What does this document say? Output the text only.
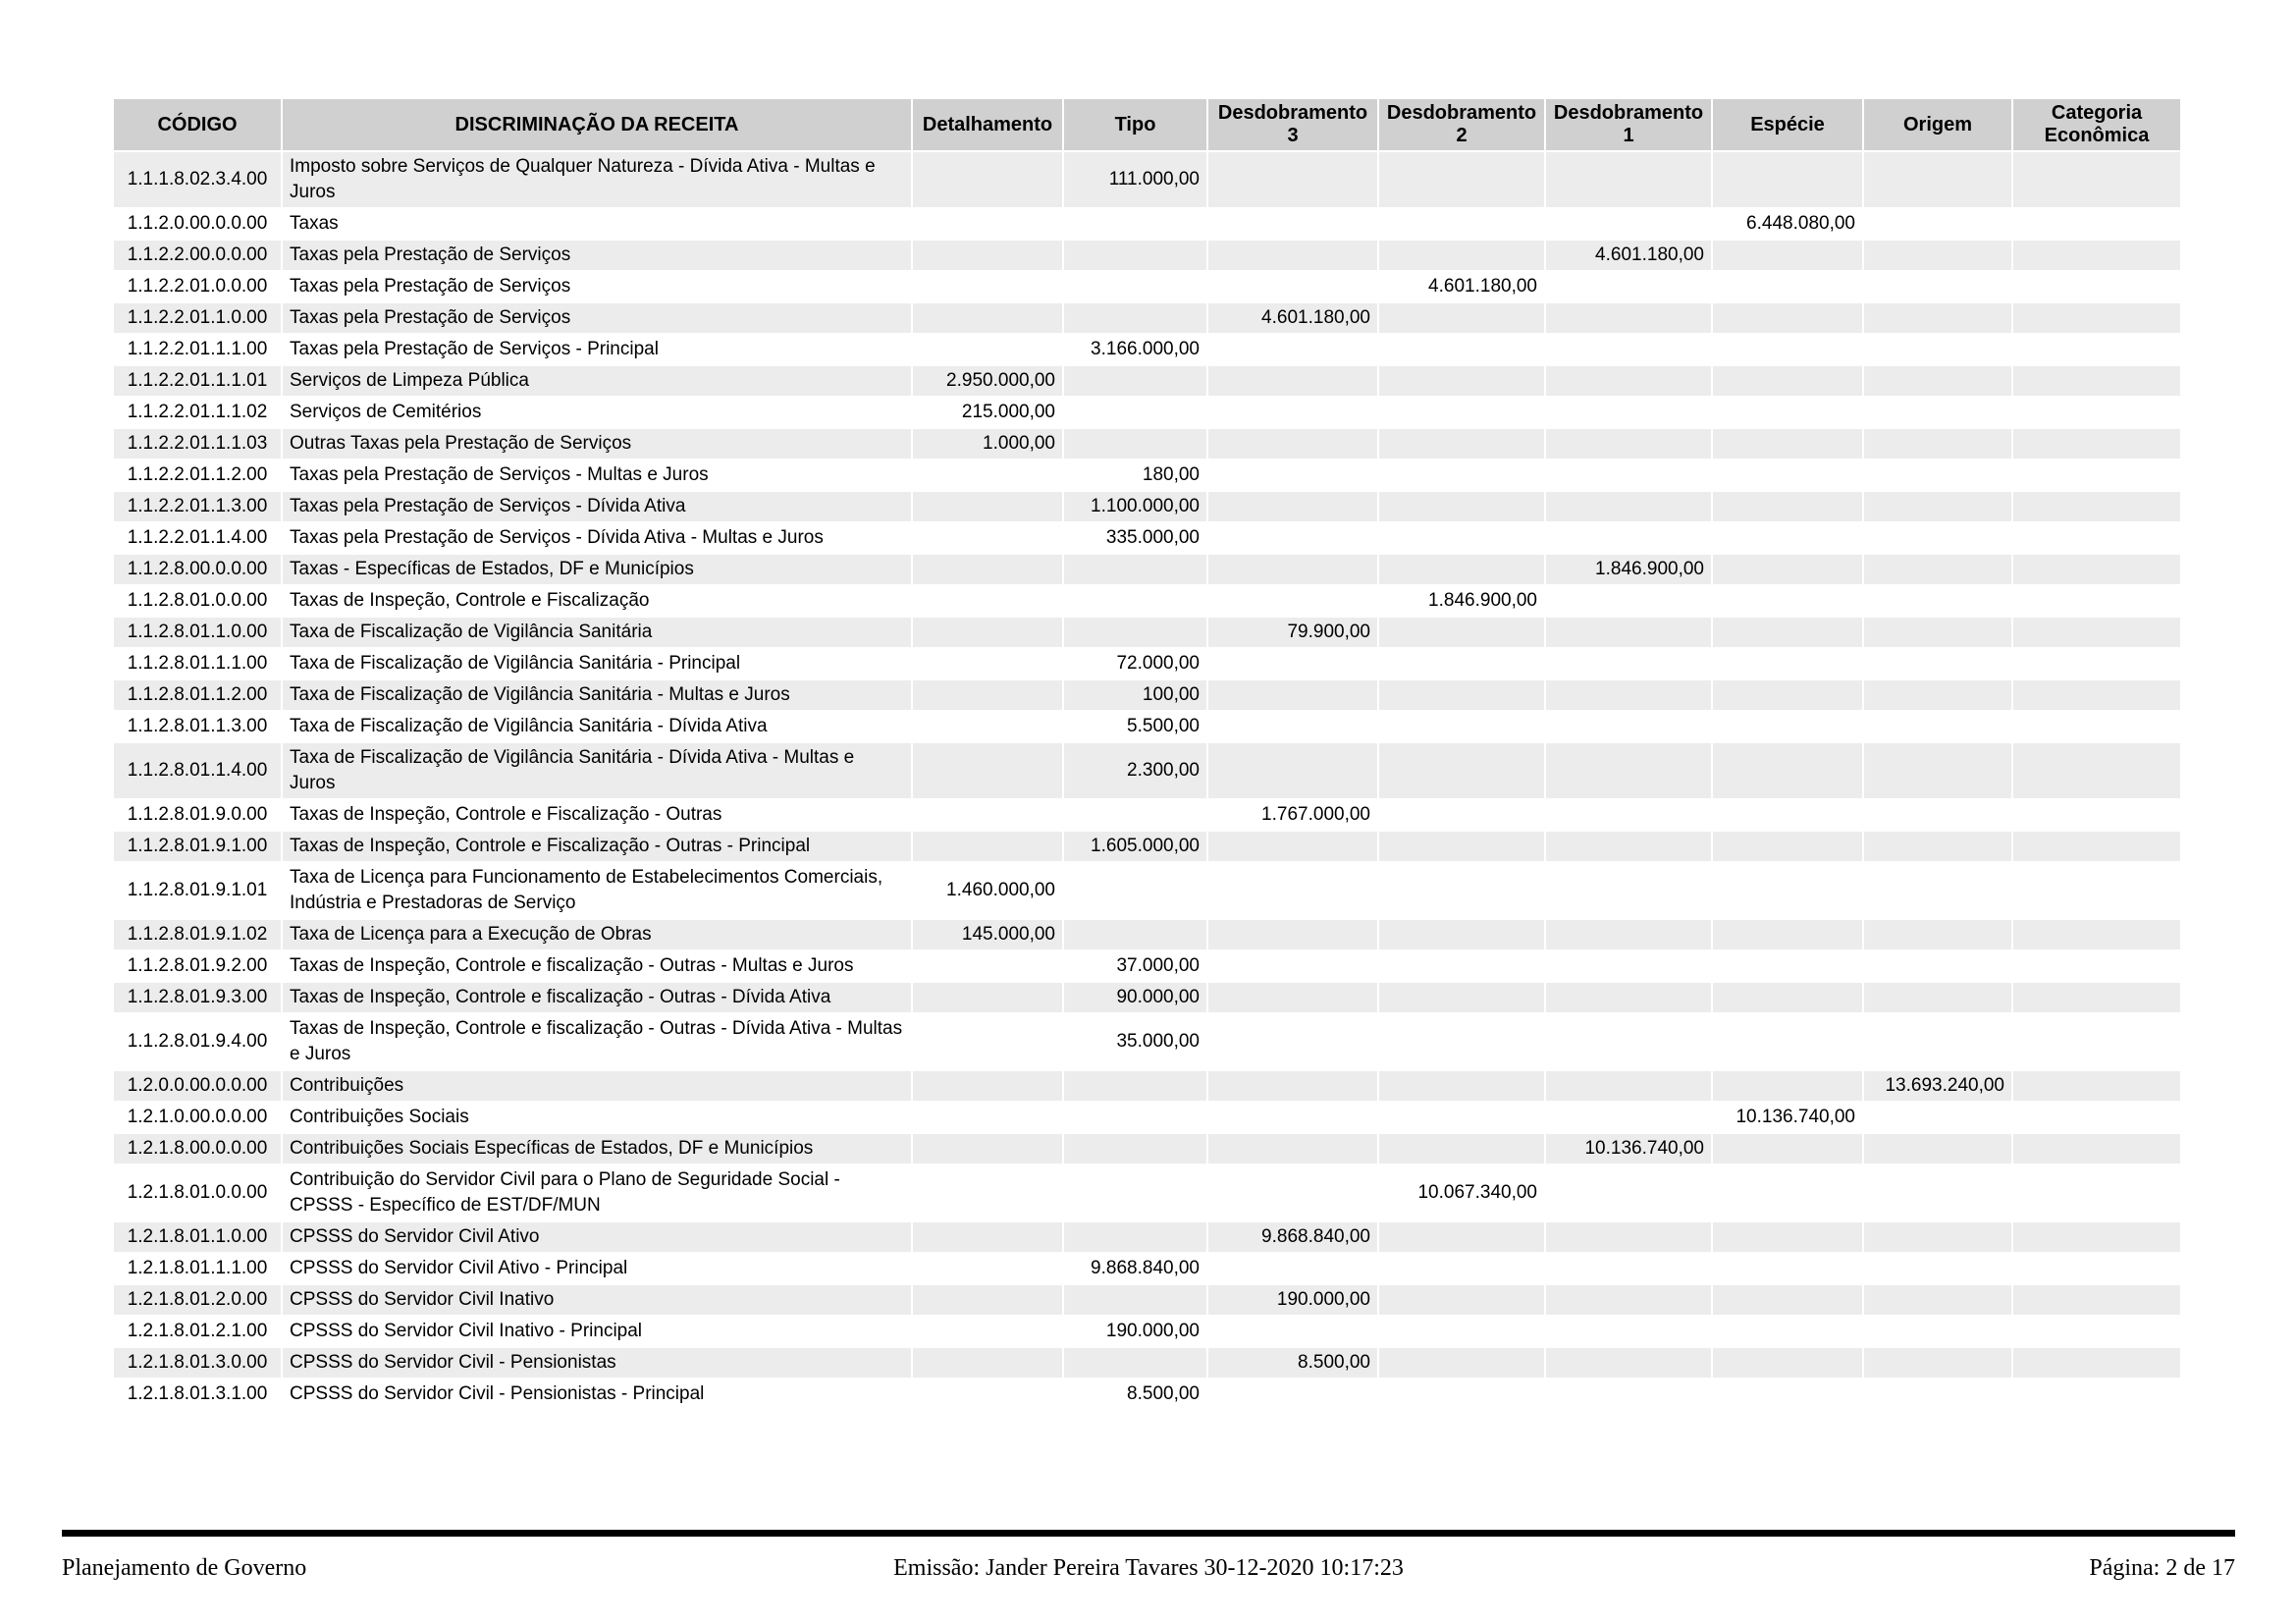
CÓDIGO	DISCRIMINAÇÃO DA RECEITA	Detalhamento	Tipo	Desdobramento 3	Desdobramento 2	Desdobramento 1	Espécie	Origem	Categoria Econômica
1.1.1.8.02.3.4.00	Imposto sobre Serviços de Qualquer Natureza - Dívida Ativa - Multas e Juros		111.000,00						
1.1.2.0.00.0.0.00	Taxas						6.448.080,00		
1.1.2.2.00.0.0.00	Taxas pela Prestação de Serviços					4.601.180,00			
1.1.2.2.01.0.0.00	Taxas pela Prestação de Serviços				4.601.180,00				
1.1.2.2.01.1.0.00	Taxas pela Prestação de Serviços			4.601.180,00					
1.1.2.2.01.1.1.00	Taxas pela Prestação de Serviços - Principal		3.166.000,00						
1.1.2.2.01.1.1.01	Serviços de Limpeza Pública	2.950.000,00							
1.1.2.2.01.1.1.02	Serviços de Cemitérios	215.000,00							
1.1.2.2.01.1.1.03	Outras Taxas pela Prestação de Serviços	1.000,00							
1.1.2.2.01.1.2.00	Taxas pela Prestação de Serviços - Multas e Juros		180,00						
1.1.2.2.01.1.3.00	Taxas pela Prestação de Serviços - Dívida Ativa		1.100.000,00						
1.1.2.2.01.1.4.00	Taxas pela Prestação de Serviços - Dívida Ativa - Multas e Juros		335.000,00						
1.1.2.8.00.0.0.00	Taxas - Específicas de Estados, DF e Municípios					1.846.900,00			
1.1.2.8.01.0.0.00	Taxas de Inspeção, Controle e Fiscalização				1.846.900,00				
1.1.2.8.01.1.0.00	Taxa de Fiscalização de Vigilância Sanitária			79.900,00					
1.1.2.8.01.1.1.00	Taxa de Fiscalização de Vigilância Sanitária - Principal		72.000,00						
1.1.2.8.01.1.2.00	Taxa de Fiscalização de Vigilância Sanitária - Multas e Juros		100,00						
1.1.2.8.01.1.3.00	Taxa de Fiscalização de Vigilância Sanitária - Dívida Ativa		5.500,00						
1.1.2.8.01.1.4.00	Taxa de Fiscalização de Vigilância Sanitária - Dívida Ativa - Multas e Juros		2.300,00						
1.1.2.8.01.9.0.00	Taxas de Inspeção, Controle e Fiscalização - Outras			1.767.000,00					
1.1.2.8.01.9.1.00	Taxas de Inspeção, Controle e Fiscalização - Outras - Principal		1.605.000,00						
1.1.2.8.01.9.1.01	Taxa de Licença para Funcionamento de Estabelecimentos Comerciais, Indústria e Prestadoras de Serviço	1.460.000,00							
1.1.2.8.01.9.1.02	Taxa de Licença para a Execução de Obras	145.000,00							
1.1.2.8.01.9.2.00	Taxas de Inspeção, Controle e fiscalização - Outras - Multas e Juros		37.000,00						
1.1.2.8.01.9.3.00	Taxas de Inspeção, Controle e fiscalização - Outras - Dívida Ativa		90.000,00						
1.1.2.8.01.9.4.00	Taxas de Inspeção, Controle e fiscalização - Outras - Dívida Ativa - Multas e Juros		35.000,00						
1.2.0.0.00.0.0.00	Contribuições							13.693.240,00	
1.2.1.0.00.0.0.00	Contribuições Sociais						10.136.740,00		
1.2.1.8.00.0.0.00	Contribuições Sociais Específicas de Estados, DF e Municípios					10.136.740,00			
1.2.1.8.01.0.0.00	Contribuição do Servidor Civil para o Plano de Seguridade Social - CPSSS - Específico de EST/DF/MUN				10.067.340,00				
1.2.1.8.01.1.0.00	CPSSS do Servidor Civil Ativo			9.868.840,00					
1.2.1.8.01.1.1.00	CPSSS do Servidor Civil Ativo - Principal		9.868.840,00						
1.2.1.8.01.2.0.00	CPSSS do Servidor Civil Inativo			190.000,00					
1.2.1.8.01.2.1.00	CPSSS do Servidor Civil Inativo - Principal		190.000,00						
1.2.1.8.01.3.0.00	CPSSS do Servidor Civil - Pensionistas			8.500,00					
1.2.1.8.01.3.1.00	CPSSS do Servidor Civil - Pensionistas - Principal		8.500,00						
Planejamento de Governo	Emissão: Jander Pereira Tavares 30-12-2020 10:17:23	Página: 2 de 17
